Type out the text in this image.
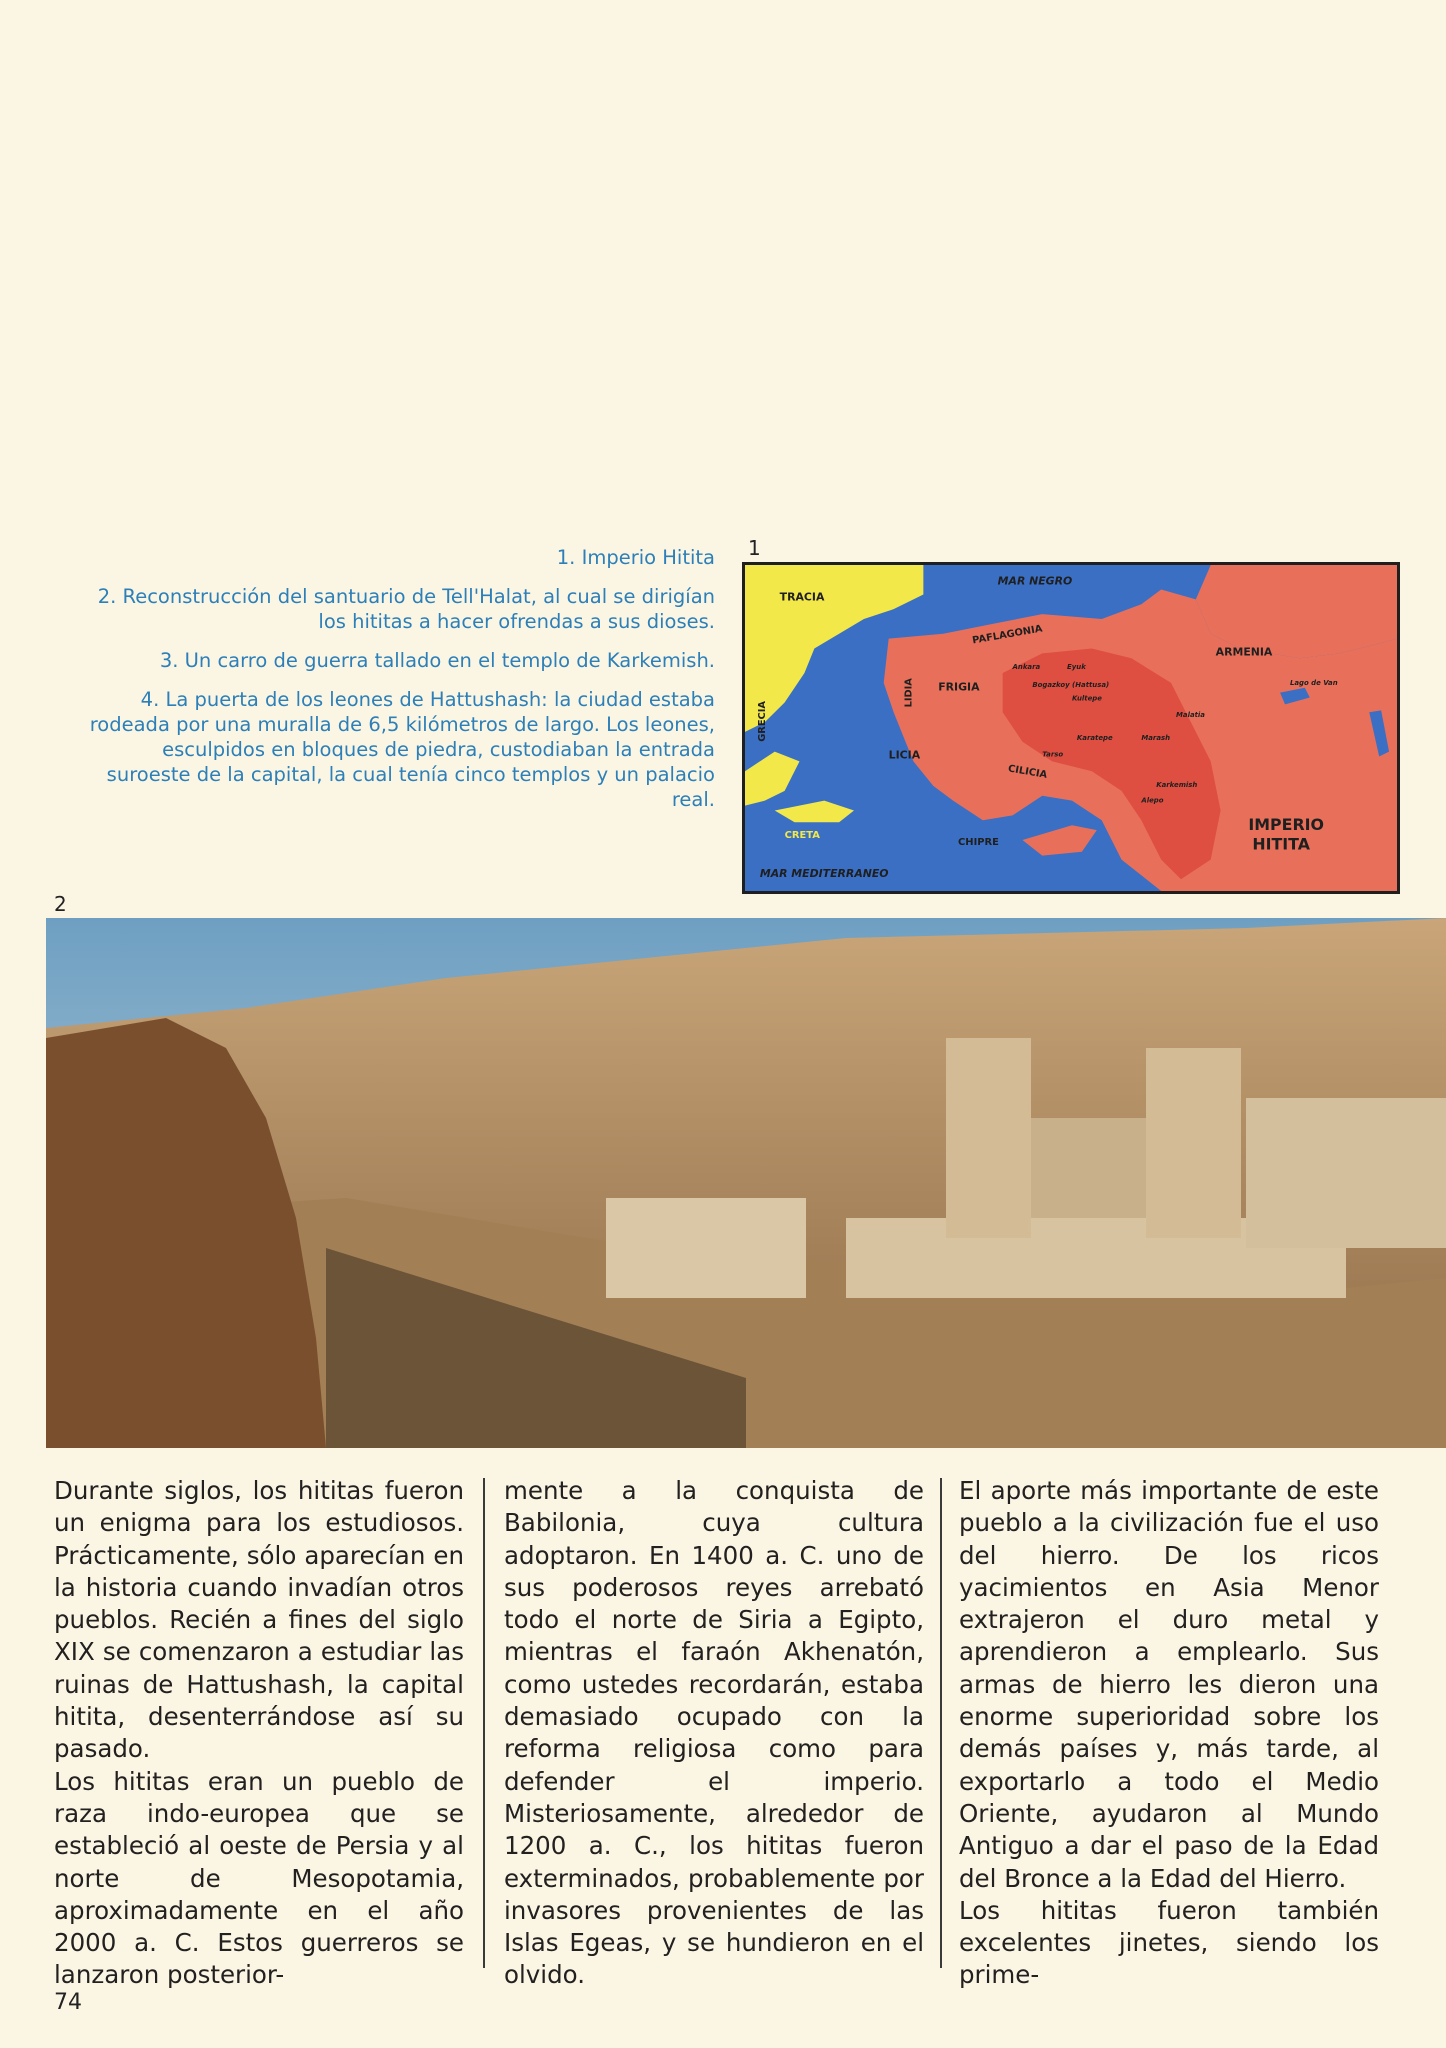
1. Imperio Hitita

2. Reconstrucción del santuario de Tell'Halat, al cual se dirigían los hititas a hacer ofrendas a sus dioses.

3. Un carro de guerra tallado en el templo de Karkemish.

4. La puerta de los leones de Hattushash: la ciudad estaba rodeada por una muralla de 6,5 kilómetros de largo. Los leones, esculpidos en bloques de piedra, custodiaban la entrada suroeste de la capital, la cual tenía cinco templos y un palacio real.

1
2
MAR NEGRO
TRACIA
GRECIA
PAFLAGONIA
ARMENIA
LIDIA FRIGIA
LICIA
CILICIA
CRETA
CHIPRE
MAR MEDITERRANEO
Lago de Van
IMPERIO
HITITA
Ankara	Eyuk
Bogazkoy (Hattusa)
Kultepe
Malatia
Karatepe	Marash
Tarso
Karkemish
Alepo

Durante siglos, los hititas fueron un enigma para los estudiosos. Prácticamente, sólo aparecían en la historia cuando invadían otros pueblos. Recién a fines del siglo XIX se comenzaron a estudiar las ruinas de Hattushash, la capital hitita, desenterrándose así su pasado.

Los hititas eran un pueblo de raza indo-europea que se estableció al oeste de Persia y al norte de Mesopotamia, aproximadamente en el año 2000 a. C. Estos guerreros se lanzaron posterior-

mente a la conquista de Babilonia, cuya cultura adoptaron. En 1400 a. C. uno de sus poderosos reyes arrebató todo el norte de Siria a Egipto, mientras el faraón Akhenatón, como ustedes recordarán, estaba demasiado ocupado con la reforma religiosa como para defender el imperio. Misteriosamente, alrededor de 1200 a. C., los hititas fueron exterminados, probablemente por invasores provenientes de las Islas Egeas, y se hundieron en el olvido.

El aporte más importante de este pueblo a la civilización fue el uso del hierro. De los ricos yacimientos en Asia Menor extrajeron el duro metal y aprendieron a emplearlo. Sus armas de hierro les dieron una enorme superioridad sobre los demás países y, más tarde, al exportarlo a todo el Medio Oriente, ayudaron al Mundo Antiguo a dar el paso de la Edad del Bronce a la Edad del Hierro.

Los hititas fueron también excelentes jinetes, siendo los prime-

74
